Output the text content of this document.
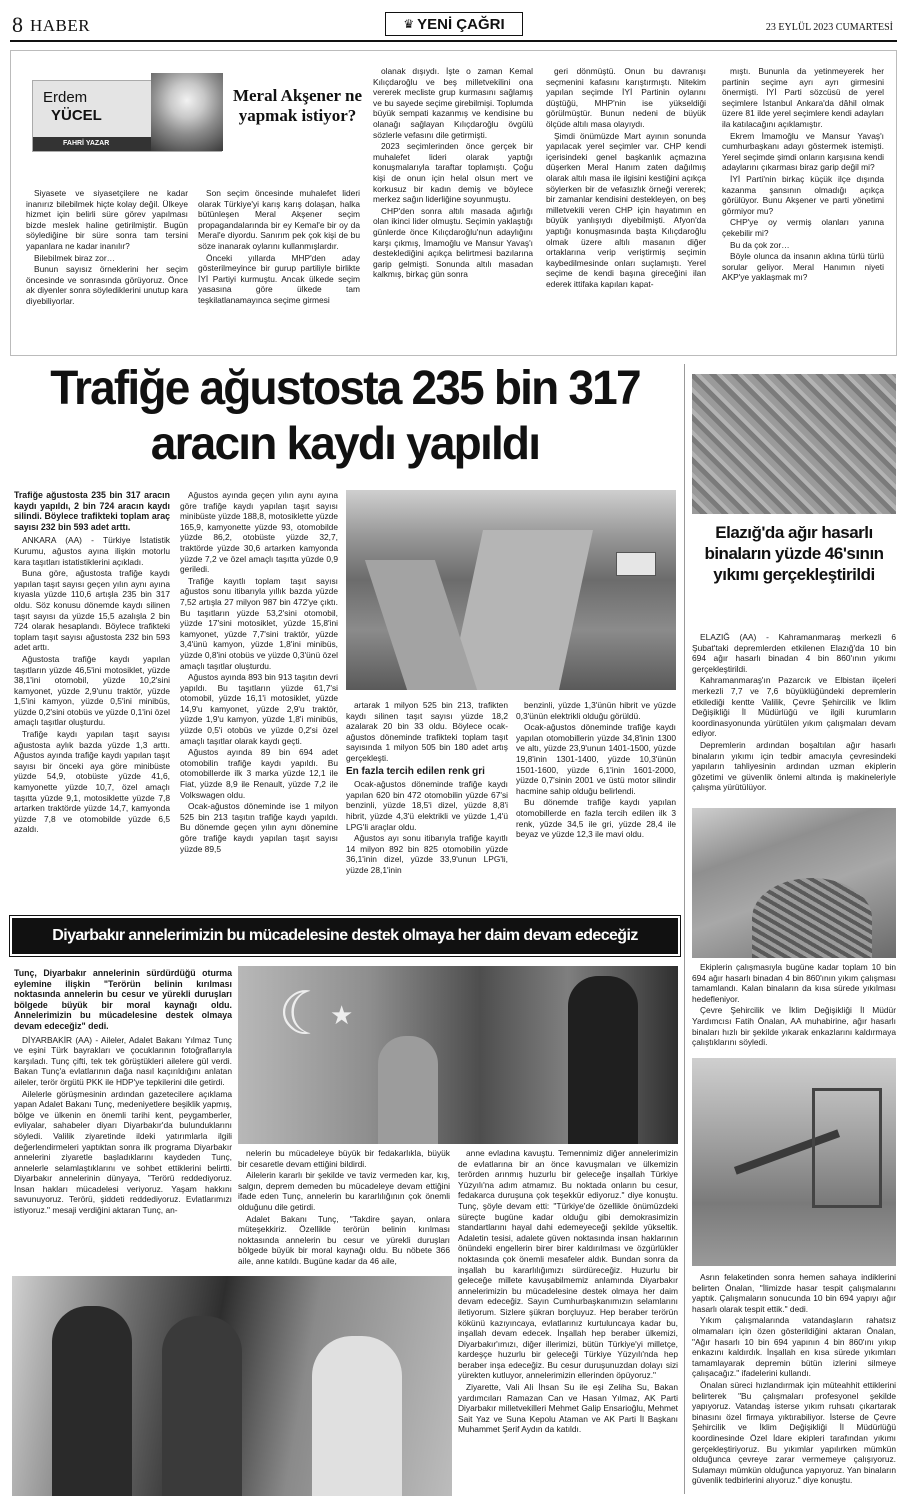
8 HABER	♛ YENİ ÇAĞRI	23 EYLÜL 2023 CUMARTESİ
Erdem
YÜCEL
FAHRİ YAZAR
Meral Akşener ne yapmak istiyor?

Siyasete ve siyasetçilere ne kadar inanırız bilebilmek hiçte kolay değil. Ülkeye hizmet için belirli süre görev yapılması bizde meslek haline getirilmiştir. Bugün söylediğine bir süre sonra tam tersini yapanlara ne kadar inanılır?

Bilebilmek biraz zor…

Bunun sayısız örneklerini her seçim öncesinde ve sonrasında görüyoruz. Önce ak diyenler sonra söylediklerini unutup kara diyebiliyorlar.

Son seçim öncesinde muhalefet lideri olarak Türkiye'yi karış karış dolaşan, halka bütünleşen Meral Akşener seçim propagandalarında bir ey Kemal'e bir oy da Meral'e diyordu. Sanırım pek çok kişi de bu söze inanarak oylarını kullanmışlardır.

Önceki yıllarda MHP'den aday gösterilmeyince bir gurup partiliyle birlikte İYİ Partiyi kurmuştu. Ancak ülkede seçim yasasına göre ülkede tam teşkilatlanamayınca seçime girmesi

olanak dışıydı. İşte o zaman Kemal Kılıçdaroğlu ve beş milletvekilini ona vererek mecliste grup kurmasını sağlamış ve bu sayede seçime girebilmişi. Toplumda büyük sempati kazanmış ve kendisine bu olanağı sağlayan Kılıçdaroğlu övgülü sözlerle vefasını dile getirmişti.

2023 seçimlerinden önce gerçek bir muhalefet lideri olarak yaptığı konuşmalarıyla taraftar toplamıştı. Çoğu kişi de onun için helal olsun mert ve korkusuz bir kadın demiş ve böylece merkez sağın liderliğine soyunmuştu.

CHP'den sonra altılı masada ağırlığı olan ikinci lider olmuştu. Seçimin yaklaştığı günlerde önce Kılıçdaroğlu'nun adaylığını karşı çıkmış, İmamoğlu ve Mansur Yavaş'ı desteklediğini açıkça belirtmesi bazılarına garip gelmişti. Sonunda altılı masadan kalkmış, birkaç gün sonra

geri dönmüştü. Onun bu davranışı seçmenini kafasını karıştırmıştı. Nitekim yapılan seçimde İYİ Partinin oylarını düştüğü, MHP'nin ise yükseldiği görülmüştür. Bunun nedeni de büyük ölçüde altılı masa olayıydı.

Şimdi önümüzde Mart ayının sonunda yapılacak yerel seçimler var. CHP kendi içerisindeki genel başkanlık açmazına düşerken Meral Hanım zaten dağılmış olarak altılı masa ile ilgisini kestiğini açıkça söylerken bir de vefasızlık örneği vererek; bir zamanlar kendisini destekleyen, on beş milletvekili veren CHP için hayatımın en büyük yanlışıydı diyebilmişti. Afyon'da yaptığı konuşmasında başta Kılıçdaroğlu olmak üzere altılı masanın diğer ortaklarına verip veriştirmiş seçimin kaybedilmesinde onları suçlamıştı. Yerel seçime de kendi başına gireceğini ilan ederek ittifaka kapıları kapat-

mıştı. Bununla da yetinmeyerek her partinin seçime ayrı ayrı girmesini önermişti. İYİ Parti sözcüsü de yerel seçimlere İstanbul Ankara'da dâhil olmak üzere 81 ilde yerel seçimlere kendi adayları ila katılacağını açıklamıştır.

Ekrem İmamoğlu ve Mansur Yavaş'ı cumhurbaşkanı adayı göstermek istemişti. Yerel seçimde şimdi onların karşısına kendi adaylarını çıkarması biraz garip değil mi?

İYİ Parti'nin birkaç küçük ilçe dışında kazanma şansının olmadığı açıkça görülüyor. Bunu Akşener ve parti yönetimi görmiyor mu?

CHP'ye oy vermiş olanları yanına çekebilir mi?

Bu da çok zor…

Böyle olunca da insanın aklına türlü türlü sorular geliyor. Meral Hanımın niyeti AKP'ye yaklaşmak mı?

Trafiğe ağustosta 235 bin 317
aracın kaydı yapıldı
Trafiğe ağustosta 235 bin 317 aracın kaydı yapıldı, 2 bin 724 aracın kaydı silindi. Böylece trafikteki toplam araç sayısı 232 bin 593 adet arttı.

ANKARA (AA) - Türkiye İstatistik Kurumu, ağustos ayına ilişkin motorlu kara taşıtları istatistiklerini açıkladı.

Buna göre, ağustosta trafiğe kaydı yapılan taşıt sayısı geçen yılın aynı ayına kıyasla yüzde 110,6 artışla 235 bin 317 oldu. Söz konusu dönemde kaydı silinen taşıt sayısı da yüzde 15,5 azalışla 2 bin 724 olarak hesaplandı. Böylece trafikteki toplam taşıt sayısı ağustosta 232 bin 593 adet arttı.

Ağustosta trafiğe kaydı yapılan taşıtların yüzde 46,5'ini motosiklet, yüzde 38,1'ini otomobil, yüzde 10,2'sini kamyonet, yüzde 2,9'unu traktör, yüzde 1,5'ini kamyon, yüzde 0,5'ini minibüs, yüzde 0,2'sini otobüs ve yüzde 0,1'ini özel amaçlı taşıtlar oluşturdu.

Trafiğe kaydı yapılan taşıt sayısı ağustosta aylık bazda yüzde 1,3 arttı. Ağustos ayında trafiğe kaydı yapılan taşıt sayısı bir önceki aya göre minibüste yüzde 54,9, otobüste yüzde 41,6, kamyonette yüzde 10,7, özel amaçlı taşıtta yüzde 9,1, motosiklette yüzde 7,8 artarken traktörde yüzde 14,7, kamyonda yüzde 7,8 ve otomobilde yüzde 6,5 azaldı.

Ağustos ayında geçen yılın aynı ayına göre trafiğe kaydı yapılan taşıt sayısı minibüste yüzde 188,8, motosiklette yüzde 165,9, kamyonette yüzde 93, otomobilde yüzde 86,2, otobüste yüzde 32,7, traktörde yüzde 30,6 artarken kamyonda yüzde 7,2 ve özel amaçlı taşıtta yüzde 0,9 geriledi.

Trafiğe kayıtlı toplam taşıt sayısı ağustos sonu itibarıyla yıllık bazda yüzde 7,52 artışla 27 milyon 987 bin 472'ye çıktı. Bu taşıtların yüzde 53,2'sini otomobil, yüzde 17'sini motosiklet, yüzde 15,8'ini kamyonet, yüzde 7,7'sini traktör, yüzde 3,4'ünü kamyon, yüzde 1,8'ini minibüs, yüzde 0,8'ini otobüs ve yüzde 0,3'ünü özel amaçlı taşıtlar oluşturdu.

Ağustos ayında 893 bin 913 taşıtın devri yapıldı. Bu taşıtların yüzde 61,7'si otomobil, yüzde 16,1'i motosiklet, yüzde 14,9'u kamyonet, yüzde 2,9'u traktör, yüzde 1,9'u kamyon, yüzde 1,8'i minibüs, yüzde 0,5'i otobüs ve yüzde 0,2'si özel amaçlı taşıtlar olarak kaydı geçti.

Ağustos ayında 89 bin 694 adet otomobilin trafiğe kaydı yapıldı. Bu otomobillerde ilk 3 marka yüzde 12,1 ile Fiat, yüzde 8,9 ile Renault, yüzde 7,2 ile Volkswagen oldu.

Ocak-ağustos döneminde ise 1 milyon 525 bin 213 taşıtın trafiğe kaydı yapıldı. Bu dönemde geçen yılın aynı dönemine göre trafiğe kaydı yapılan taşıt sayısı yüzde 89,5

artarak 1 milyon 525 bin 213, trafikten kaydı silinen taşıt sayısı yüzde 18,2 azalarak 20 bin 33 oldu. Böylece ocak-ağustos döneminde trafikteki toplam taşıt sayısında 1 milyon 505 bin 180 adet artış gerçekleşti.

En fazla tercih edilen renk gri

Ocak-ağustos döneminde trafiğe kaydı yapılan 620 bin 472 otomobilin yüzde 67'si benzinli, yüzde 18,5'i dizel, yüzde 8,8'i hibrit, yüzde 4,3'ü elektrikli ve yüzde 1,4'ü LPG'li araçlar oldu.

Ağustos ayı sonu itibarıyla trafiğe kayıtlı 14 milyon 892 bin 825 otomobilin yüzde 36,1'inin dizel, yüzde 33,9'unun LPG'li, yüzde 28,1'inin

benzinli, yüzde 1,3'ünün hibrit ve yüzde 0,3'ünün elektrikli olduğu görüldü.

Ocak-ağustos döneminde trafiğe kaydı yapılan otomobillerin yüzde 34,8'inin 1300 ve altı, yüzde 23,9'unun 1401-1500, yüzde 19,8'inin 1301-1400, yüzde 10,3'ünün 1501-1600, yüzde 6,1'inin 1601-2000, yüzde 0,7'sinin 2001 ve üstü motor silindir hacmine sahip olduğu belirlendi.

Bu dönemde trafiğe kaydı yapılan otomobillerde en fazla tercih edilen ilk 3 renk, yüzde 34,5 ile gri, yüzde 28,4 ile beyaz ve yüzde 12,3 ile mavi oldu.

Diyarbakır annelerimizin bu mücadelesine destek olmaya her daim devam edeceğiz
Tunç, Diyarbakır annelerinin sürdürdüğü oturma eylemine ilişkin "Terörün belinin kırılması noktasında annelerin bu cesur ve yürekli duruşları bölgede büyük bir moral kaynağı oldu. Annelerimizin bu mücadelesine destek olmaya devam edeceğiz" dedi.

DİYARBAKİR (AA) - Aileler, Adalet Bakanı Yılmaz Tunç ve eşini Türk bayrakları ve çocuklarının fotoğraflarıyla karşıladı. Tunç çifti, tek tek görüştükleri ailelere gül verdi. Bakan Tunç'a evlatlarının dağa nasıl kaçırıldığını anlatan aileler, terör örgütü PKK ile HDP'ye tepkilerini dile getirdi.

Ailelerle görüşmesinin ardından gazetecilere açıklama yapan Adalet Bakanı Tunç, medeniyetlere beşiklik yapmış, bölge ve ülkenin en önemli tarihi kent, peygamberler, evliyalar, sahabeler diyarı Diyarbakır'da bulunduklarını söyledi. Valilik ziyaretinde ildeki yatırımlarla ilgili değerlendirmeleri yaptıktan sonra ilk programa Diyarbakır annelerini ziyaretle başladıklarını kaydeden Tunç, annelerle selamlaştıklarını ve sohbet ettiklerini belirtti. Diyarbakır annelerinin dünyaya, "Terörü reddediyoruz. İnsan hakları mücadelesi veriyoruz. Yaşam hakkını savunuyoruz. Terörü, şiddeti reddediyoruz. Evlatlarımızı istiyoruz." mesaji verdiğini aktaran Tunç, an-

☾
★

nelerin bu mücadeleye büyük bir fedakarlıkla, büyük bir cesaretle devam ettiğini bildirdi.

Ailelerin kararlı bir şekilde ve taviz vermeden kar, kış, salgın, deprem demeden bu mücadeleye devam ettiğini ifade eden Tunç, annelerin bu kararlılığının çok önemli olduğunu dile getirdi.

Adalet Bakanı Tunç, "Takdire şayan, onlara müteşekkiriz. Özellikle terörün belinin kırılması noktasında annelerin bu cesur ve yürekli duruşları bölgede büyük bir moral kaynağı oldu. Bu nöbete 366 aile, anne katıldı. Bugüne kadar da 46 aile,

anne evladına kavuştu. Temennimiz diğer annelerimizin de evlatlarına bir an önce kavuşmaları ve ülkemizin terörden arınmış huzurlu bir geleceğe inşallah Türkiye Yüzyılı'na adım atmamız. Bu noktada onların bu cesur, fedakarca duruşuna çok teşekkür ediyoruz." diye konuştu. Tunç, şöyle devam etti: "Türkiye'de özellikle önümüzdeki süreçte bugüne kadar olduğu gibi demokrasimizin standartlarını hayal dahi edemeyeceği şekilde yükseltik. Adaletin tesisi, adalete güven noktasında insan haklarının önündeki engellerin birer birer kaldırılması ve özgürlükler noktasında çok önemli mesafeler aldık. Bundan sonra da inşallah bu kararlılığımızı sürdüreceğiz. Huzurlu bir geleceğe millete kavuşabilmemiz anlamında Diyarbakır annelerimizin bu mücadelesine destek olmaya her daim devam edeceğiz. Sayın Cumhurbaşkanımızın selamlarını iletiyorum. Sizlere şükran borçluyuz. Hep beraber terörün kökünü kazıyıncaya, evlatlarınız kurtuluncaya kadar bu, inşallah devam edecek. İnşallah hep beraber ülkemizi, Diyarbakır'ımızı, diğer illerimizi, bütün Türkiye'yi milletçe, kardeşçe huzurlu bir geleceği Türkiye Yüzyılı'nda hep beraber inşa edeceğiz. Bu cesur duruşunuzdan dolayı sizi yürekten kutluyor, annelerimizin ellerinden öpüyoruz."

Ziyarette, Vali Ali İhsan Su ile eşi Zeliha Su, Bakan yardımcıları Ramazan Can ve Hasan Yılmaz, AK Parti Diyarbakır milletvekilleri Mehmet Galip Ensarioğlu, Mehmet Sait Yaz ve Suna Kepolu Ataman ve AK Parti İl Başkanı Muhammet Şerif Aydın da katıldı.

Elazığ'da ağır hasarlı binaların yüzde 46'sının yıkımı gerçekleştirildi

ELAZIĞ (AA) - Kahramanmaraş merkezli 6 Şubat'taki depremlerden etkilenen Elazığ'da 10 bin 694 ağır hasarlı binadan 4 bin 860'ının yıkımı gerçekleştirildi.

Kahramanmaraş'ın Pazarcık ve Elbistan ilçeleri merkezli 7,7 ve 7,6 büyüklüğündeki depremlerin etkilediği kentte Valilik, Çevre Şehircilik ve İklim Değişikliği İl Müdürlüğü ve ilgili kurumların koordinasyonunda yürütülen yıkım çalışmaları devam ediyor.

Depremlerin ardından boşaltılan ağır hasarlı binaların yıkımı için tedbir amacıyla çevresindeki yapıların tahliyesinin ardından uzman ekiplerin gözetimi ve güvenlik önlemi altında iş makineleriyle çalışma yürütülüyor.

Ekiplerin çalışmasıyla bugüne kadar toplam 10 bin 694 ağır hasarlı binadan 4 bin 860'ının yıkım çalışması tamamlandı. Kalan binaların da kısa sürede yıkılması hedefleniyor.

Çevre Şehircilik ve İklim Değişikliği İl Müdür Yardımcısı Fatih Önalan, AA muhabirine, ağır hasarlı binaları hızlı bir şekilde yıkarak enkazlarını kaldırmaya çalıştıklarını söyledi.

Asrın felaketinden sonra hemen sahaya indiklerini belirten Önalan, "İlimizde hasar tespit çalışmalarını yaptık. Çalışmaların sonucunda 10 bin 694 yapıyı ağır hasarlı olarak tespit ettik." dedi.

Yıkım çalışmalarında vatandaşların rahatsız olmamaları için özen gösterildiğini aktaran Önalan, "Ağır hasarlı 10 bin 694 yapının 4 bin 860'ını yıkıp enkazını kaldırdık. İnşallah en kısa sürede yıkımları tamamlayarak depremin bütün izlerini silmeye çalışacağız." ifadelerini kullandı.

Önalan süreci hızlandırmak için müteahhit ettiklerini belirterek "Bu çalışmaları profesyonel şekilde yapıyoruz. Vatandaş isterse yıkım ruhsatı çıkartarak binasını özel firmaya yıktırabiliyor. İsterse de Çevre Şehircilik ve İklim Değişikliği İl Müdürlüğü koordinesinde Özel İdare ekipleri tarafından yıkımı gerçekleştiriyoruz. Bu yıkımlar yapılırken mümkün olduğunca çevreye zarar vermemeye çalışıyoruz. Sulamayı mümkün olduğunca yapıyoruz. Yan binaların güvenlik tedbirlerini alıyoruz." diye konuştu.
